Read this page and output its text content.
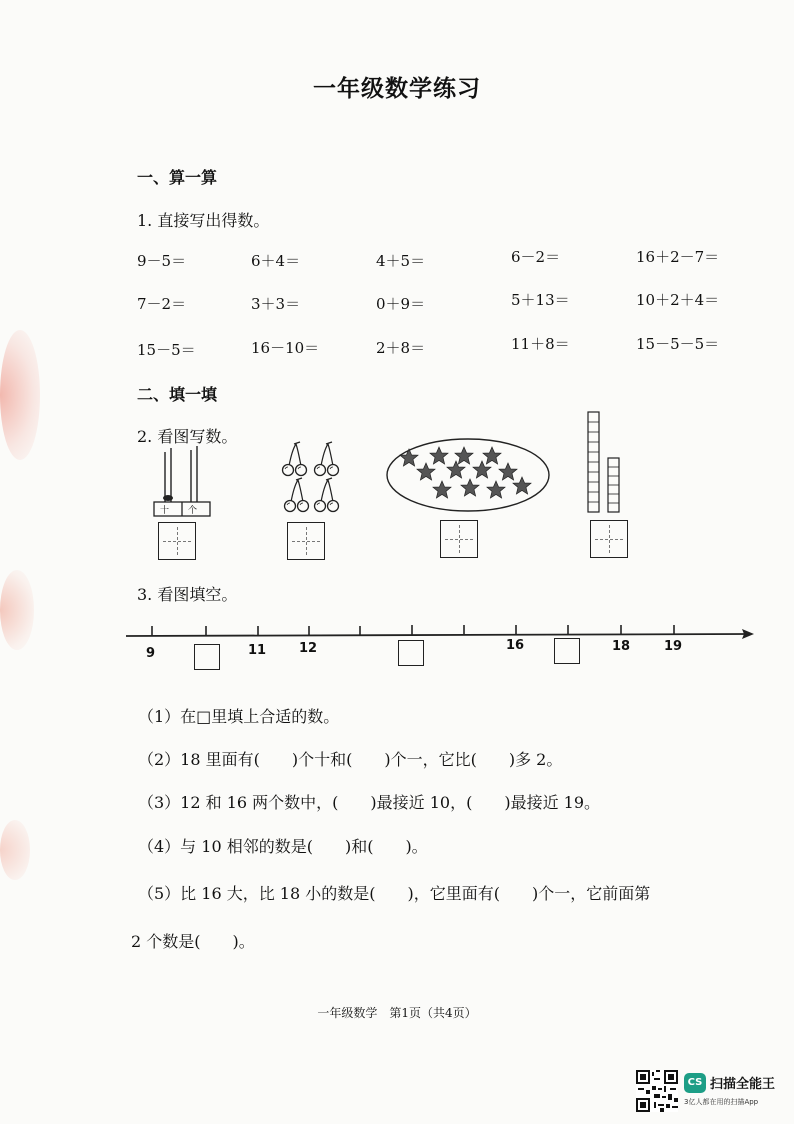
一年级数学练习
一、算一算
1. 直接写出得数。
9－5＝	6＋4＝	4＋5＝	6－2＝	16＋2－7＝
7－2＝	3＋3＝	0＋9＝	5＋13＝	10＋2＋4＝
15－5＝	16－10＝	2＋8＝	11＋8＝	15－5－5＝
二、填一填
2. 看图写数。
十 个
3. 看图填空。
9	11	12	16	18	19
（1）在□里填上合适的数。
（2）18 里面有(　　)个十和(　　)个一，它比(　　)多 2。
（3）12 和 16 两个数中，(　　)最接近 10，(　　)最接近 19。
（4）与 10 相邻的数是(　　)和(　　)。
（5）比 16 大，比 18 小的数是(　　)，它里面有(　　)个一，它前面第
2 个数是(　　)。
一年级数学　第1页（共4页）
CS 扫描全能王
3亿人都在用的扫描App
